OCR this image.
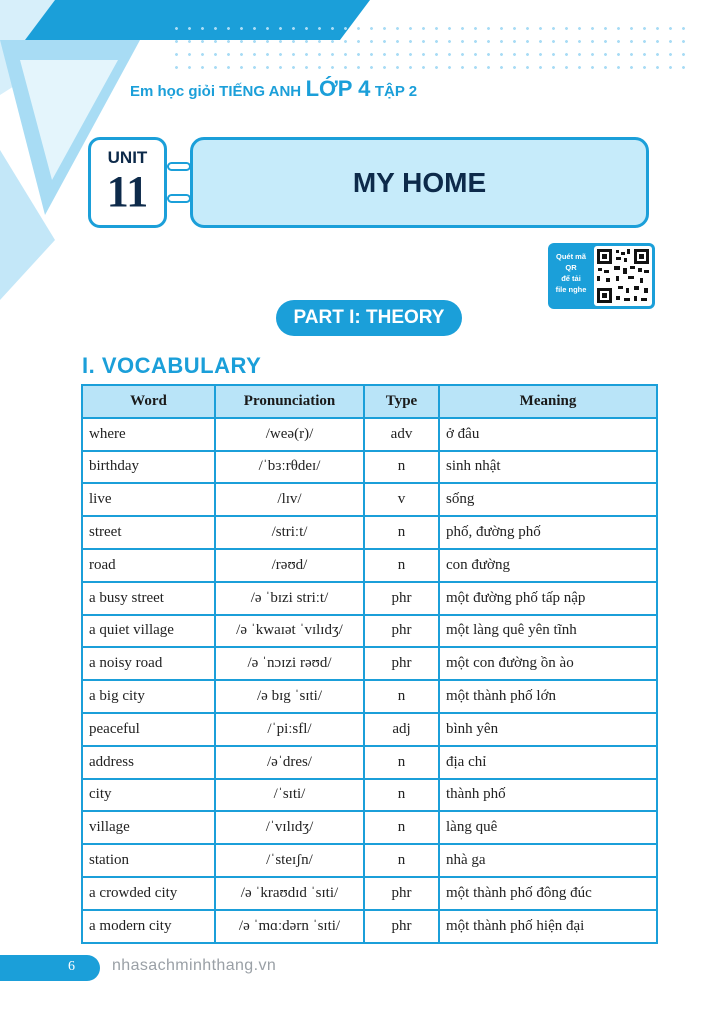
Em học giỏi TIẾNG ANH LỚP 4 TẬP 2
UNIT
11	MY HOME
Quét mã
QR
để tải
file nghe
PART I: THEORY
I. VOCABULARY
Word	Pronunciation	Type	Meaning
where	/weə(r)/	adv	ở đâu
birthday	/ˈbɜːrθdeɪ/	n	sinh nhật
live	/lɪv/	v	sống
street	/striːt/	n	phố, đường phố
road	/rəʊd/	n	con đường
a busy street	/ə ˈbɪzi striːt/	phr	một đường phố tấp nập
a quiet village	/ə ˈkwaɪət ˈvɪlɪdʒ/	phr	một làng quê yên tĩnh
a noisy road	/ə ˈnɔɪzi rəʊd/	phr	một con đường ồn ào
a big city	/ə bɪg ˈsɪti/	n	một thành phố lớn
peaceful	/ˈpiːsfl/	adj	bình yên
address	/əˈdres/	n	địa chỉ
city	/ˈsɪti/	n	thành phố
village	/ˈvɪlɪdʒ/	n	làng quê
station	/ˈsteɪʃn/	n	nhà ga
a crowded city	/ə ˈkraʊdɪd ˈsɪti/	phr	một thành phố đông đúc
a modern city	/ə ˈmɑːdərn ˈsɪti/	phr	một thành phố hiện đại
6 nhasachminhthang.vn
